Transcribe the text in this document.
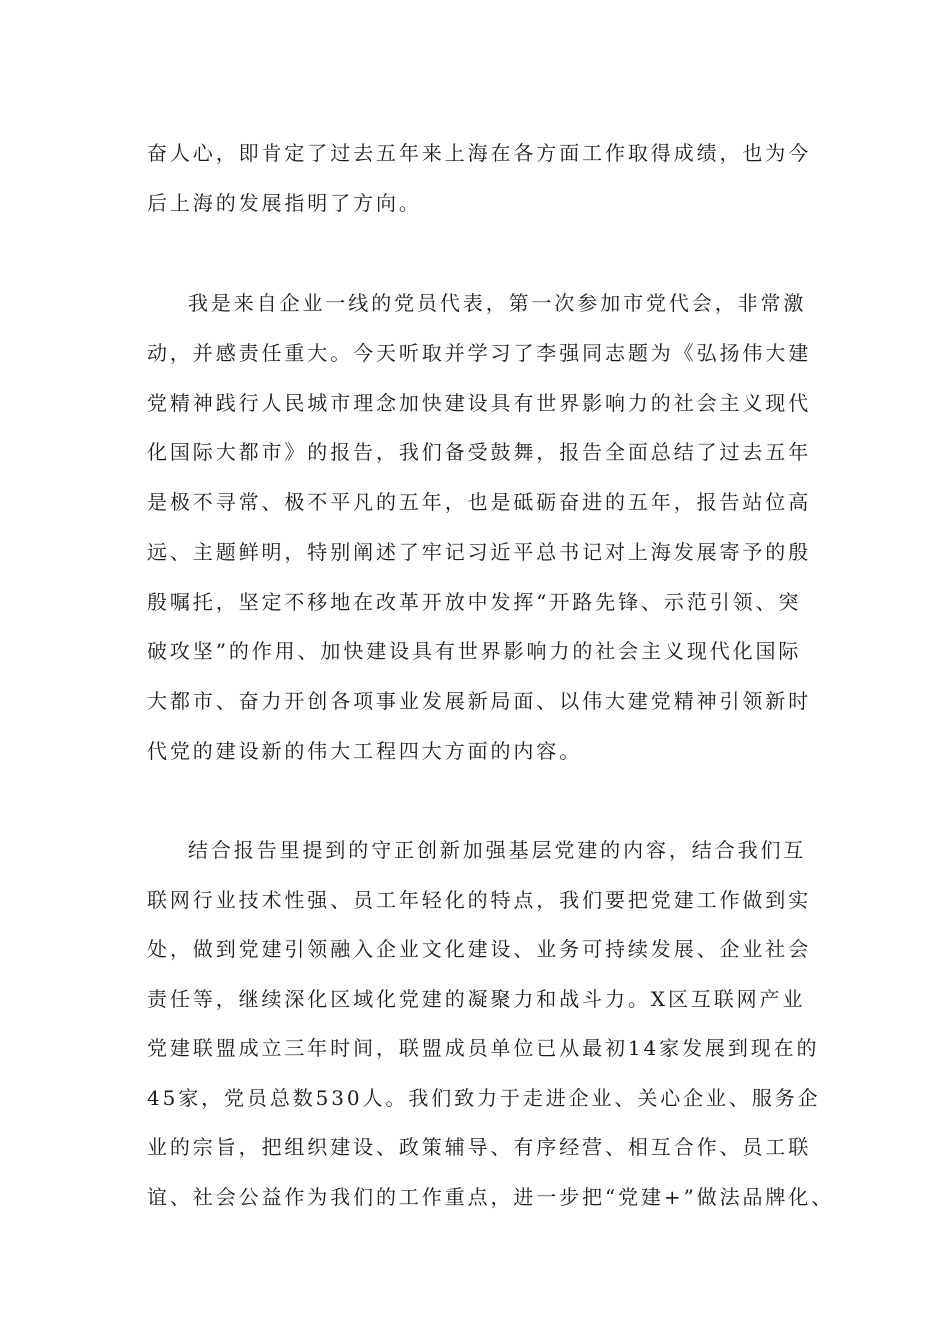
奋人心，即肯定了过去五年来上海在各方面工作取得成绩，也为今
后上海的发展指明了方向。
我是来自企业一线的党员代表，第一次参加市党代会，非常激
动，并感责任重大。今天听取并学习了李强同志题为《弘扬伟大建
党精神践行人民城市理念加快建设具有世界影响力的社会主义现代
化国际大都市》的报告，我们备受鼓舞，报告全面总结了过去五年
是极不寻常、极不平凡的五年，也是砥砺奋进的五年，报告站位高
远、主题鲜明，特别阐述了牢记习近平总书记对上海发展寄予的殷
殷嘱托，坚定不移地在改革开放中发挥“开路先锋、示范引领、突
破攻坚”的作用、加快建设具有世界影响力的社会主义现代化国际
大都市、奋力开创各项事业发展新局面、以伟大建党精神引领新时
代党的建设新的伟大工程四大方面的内容。
结合报告里提到的守正创新加强基层党建的内容，结合我们互
联网行业技术性强、员工年轻化的特点，我们要把党建工作做到实
处，做到党建引领融入企业文化建设、业务可持续发展、企业社会
责任等，继续深化区域化党建的凝聚力和战斗力。X区互联网产业
党建联盟成立三年时间，联盟成员单位已从最初14家发展到现在的
45家，党员总数530人。我们致力于走进企业、关心企业、服务企
业的宗旨，把组织建设、政策辅导、有序经营、相互合作、员工联
谊、社会公益作为我们的工作重点，进一步把“党建+”做法品牌化、
